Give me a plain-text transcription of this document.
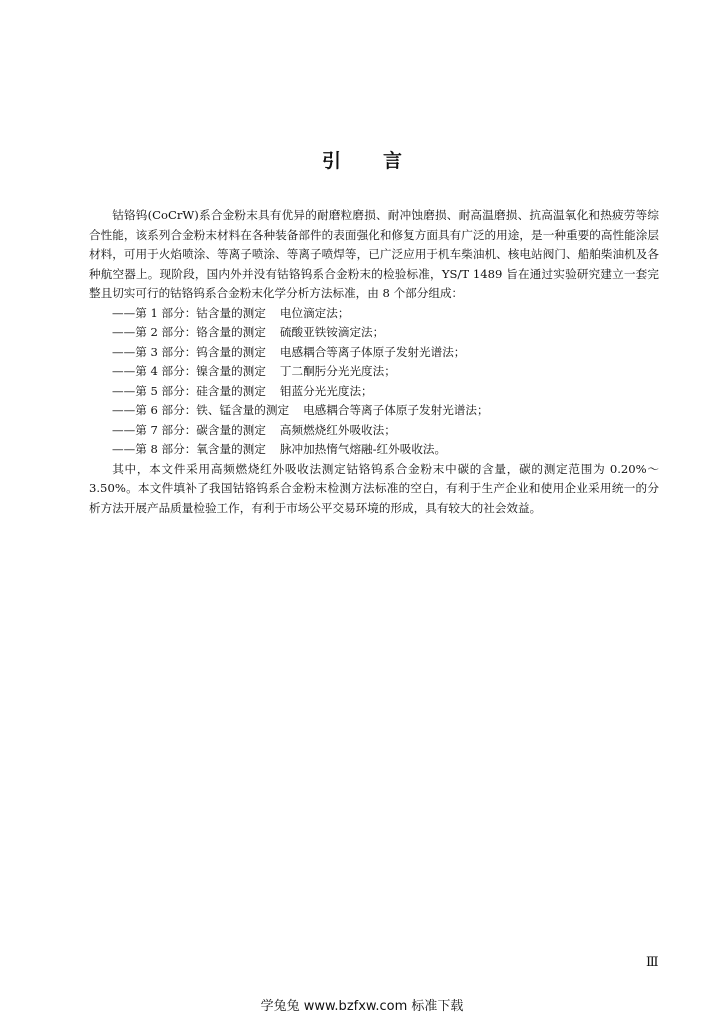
引 言

钴铬钨(CoCrW)系合金粉末具有优异的耐磨粒磨损、耐冲蚀磨损、耐高温磨损、抗高温氧化和热疲劳等综合性能，该系列合金粉末材料在各种装备部件的表面强化和修复方面具有广泛的用途，是一种重要的高性能涂层材料，可用于火焰喷涂、等离子喷涂、等离子喷焊等，已广泛应用于机车柴油机、核电站阀门、船舶柴油机及各种航空器上。现阶段，国内外并没有钴铬钨系合金粉末的检验标准，YS/T 1489 旨在通过实验研究建立一套完整且切实可行的钴铬钨系合金粉末化学分析方法标准，由 8 个部分组成：

——第 1 部分：钴含量的测定 电位滴定法；

——第 2 部分：铬含量的测定 硫酸亚铁铵滴定法；

——第 3 部分：钨含量的测定 电感耦合等离子体原子发射光谱法；

——第 4 部分：镍含量的测定 丁二酮肟分光光度法；

——第 5 部分：硅含量的测定 钼蓝分光光度法；

——第 6 部分：铁、锰含量的测定 电感耦合等离子体原子发射光谱法；

——第 7 部分：碳含量的测定 高频燃烧红外吸收法；

——第 8 部分：氧含量的测定 脉冲加热惰气熔融-红外吸收法。

其中，本文件采用高频燃烧红外吸收法测定钴铬钨系合金粉末中碳的含量，碳的测定范围为 0.20%～3.50%。本文件填补了我国钴铬钨系合金粉末检测方法标准的空白，有利于生产企业和使用企业采用统一的分析方法开展产品质量检验工作，有利于市场公平交易环境的形成，具有较大的社会效益。

Ⅲ
学兔兔 www.bzfxw.com 标准下载
